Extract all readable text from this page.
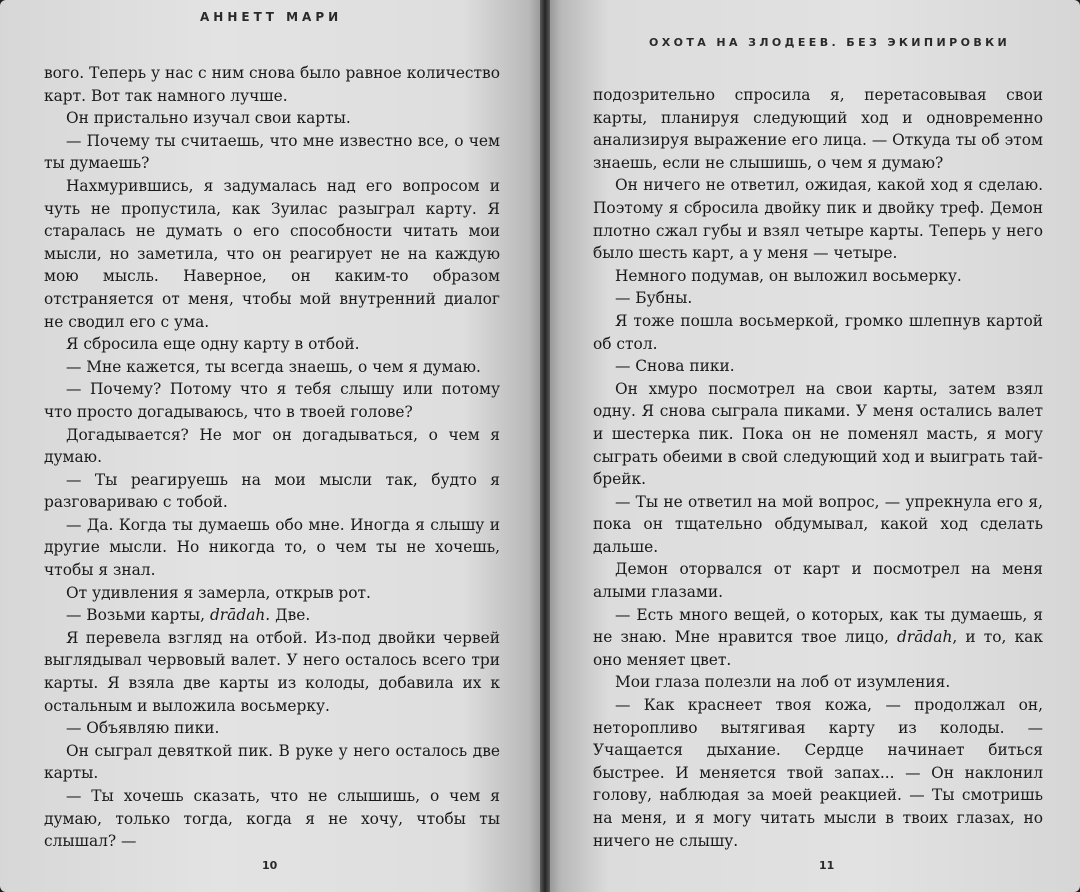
АННЕТТ МАРИ

вого. Теперь у нас с ним снова было равное количество карт. Вот так намного лучше.

Он пристально изучал свои карты.

— Почему ты считаешь, что мне известно все, о чем ты думаешь?

Нахмурившись, я задумалась над его вопросом и чуть не пропустила, как Зуилас разыграл карту. Я старалась не думать о его способности читать мои мысли, но заметила, что он реагирует не на каждую мою мысль. Наверное, он каким-то образом отстраняется от меня, чтобы мой внутренний диалог не сводил его с ума.

Я сбросила еще одну карту в отбой.

— Мне кажется, ты всегда знаешь, о чем я думаю.

— Почему? Потому что я тебя слышу или потому что просто догадываюсь, что в твоей голове?

Догадывается? Не мог он догадываться, о чем я думаю.

— Ты реагируешь на мои мысли так, будто я разговариваю с тобой.

— Да. Когда ты думаешь обо мне. Иногда я слышу и другие мысли. Но никогда то, о чем ты не хочешь, чтобы я знал.

От удивления я замерла, открыв рот.

— Возьми карты, drādah. Две.

Я перевела взгляд на отбой. Из-под двойки червей выглядывал червовый валет. У него осталось всего три карты. Я взяла две карты из колоды, добавила их к остальным и выложила восьмерку.

— Объявляю пики.

Он сыграл девяткой пик. В руке у него осталось две карты.

— Ты хочешь сказать, что не слышишь, о чем я думаю, только тогда, когда я не хочу, чтобы ты слышал? —

10
ОХОТА НА ЗЛОДЕЕВ. БЕЗ ЭКИПИРОВКИ

подозрительно спросила я, перетасовывая свои карты, планируя следующий ход и одновременно анализируя выражение его лица. — Откуда ты об этом знаешь, если не слышишь, о чем я думаю?

Он ничего не ответил, ожидая, какой ход я сделаю. Поэтому я сбросила двойку пик и двойку треф. Демон плотно сжал губы и взял четыре карты. Теперь у него было шесть карт, а у меня — четыре.

Немного подумав, он выложил восьмерку.

— Бубны.

Я тоже пошла восьмеркой, громко шлепнув картой об стол.

— Снова пики.

Он хмуро посмотрел на свои карты, затем взял одну. Я снова сыграла пиками. У меня остались валет и шестерка пик. Пока он не поменял масть, я могу сыграть обеими в свой следующий ход и выиграть тай-брейк.

— Ты не ответил на мой вопрос, — упрекнула его я, пока он тщательно обдумывал, какой ход сделать дальше.

Демон оторвался от карт и посмотрел на меня алыми глазами.

— Есть много вещей, о которых, как ты думаешь, я не знаю. Мне нравится твое лицо, drādah, и то, как оно меняет цвет.

Мои глаза полезли на лоб от изумления.

— Как краснеет твоя кожа, — продолжал он, неторопливо вытягивая карту из колоды. — Учащается дыхание. Сердце начинает биться быстрее. И меняется твой запах... — Он наклонил голову, наблюдая за моей реакцией. — Ты смотришь на меня, и я могу читать мысли в твоих глазах, но ничего не слышу.

11
